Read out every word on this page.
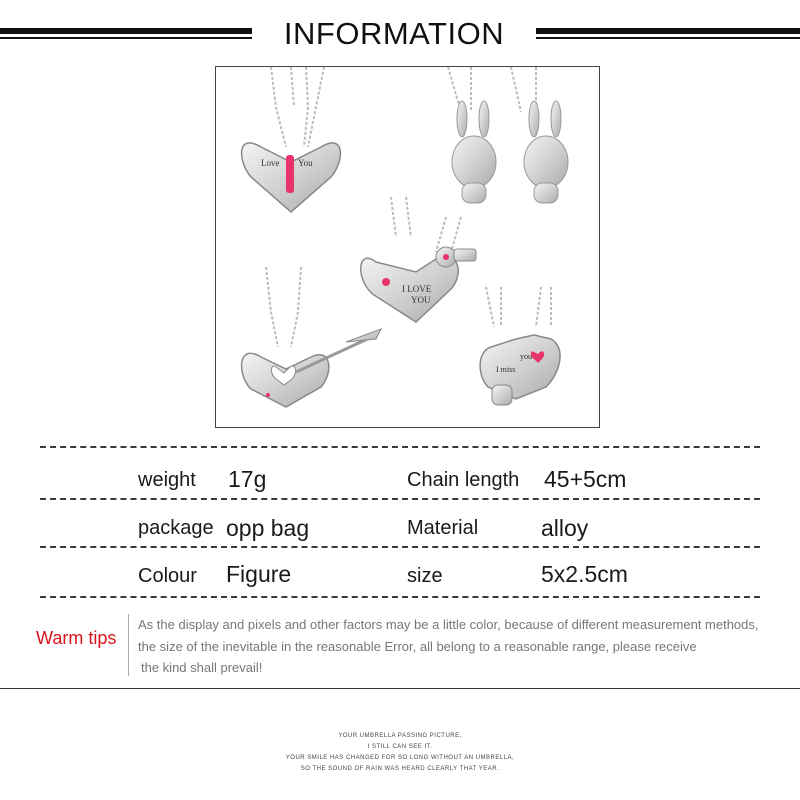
INFORMATION
Love You
I LOVE
YOU
I miss
you
weight 17g	Chain length 45+5cm
package opp bag	Material	alloy
Colour Figure	size	5x2.5cm
Warm tips
As the display and pixels and other factors may be a little color, because of different measurement methods,
the size of the inevitable in the reasonable Error, all belong to a reasonable range, please receive
the kind shall prevail!
YOUR UMBRELLA PASSING PICTURE,
I STILL CAN SEE IT.
YOUR SMILE HAS CHANGED FOR SO LONG WITHOUT AN UMBRELLA,
SO THE SOUND OF RAIN WAS HEARD CLEARLY THAT YEAR.
